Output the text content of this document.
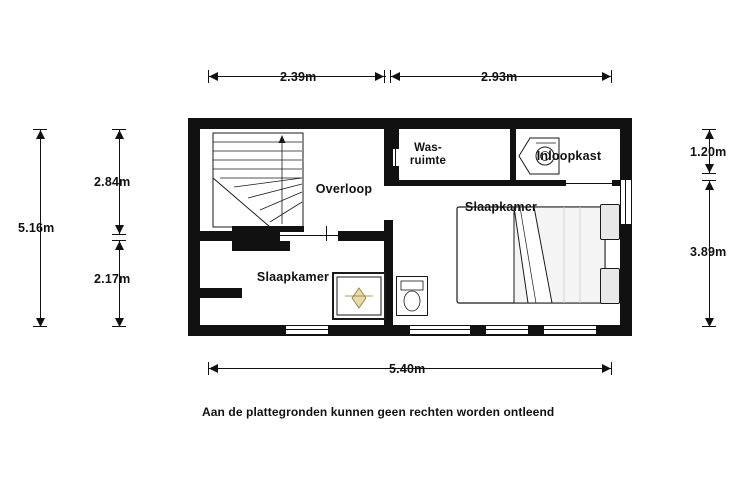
2.39m	2.93m
5.40m
5.16m
2.84m
2.17m
1.20m
3.89m
Overloop
Was-
ruimte	Inloopkast
Slaapkamer
Slaapkamer
Aan de plattegronden kunnen geen rechten worden ontleend
